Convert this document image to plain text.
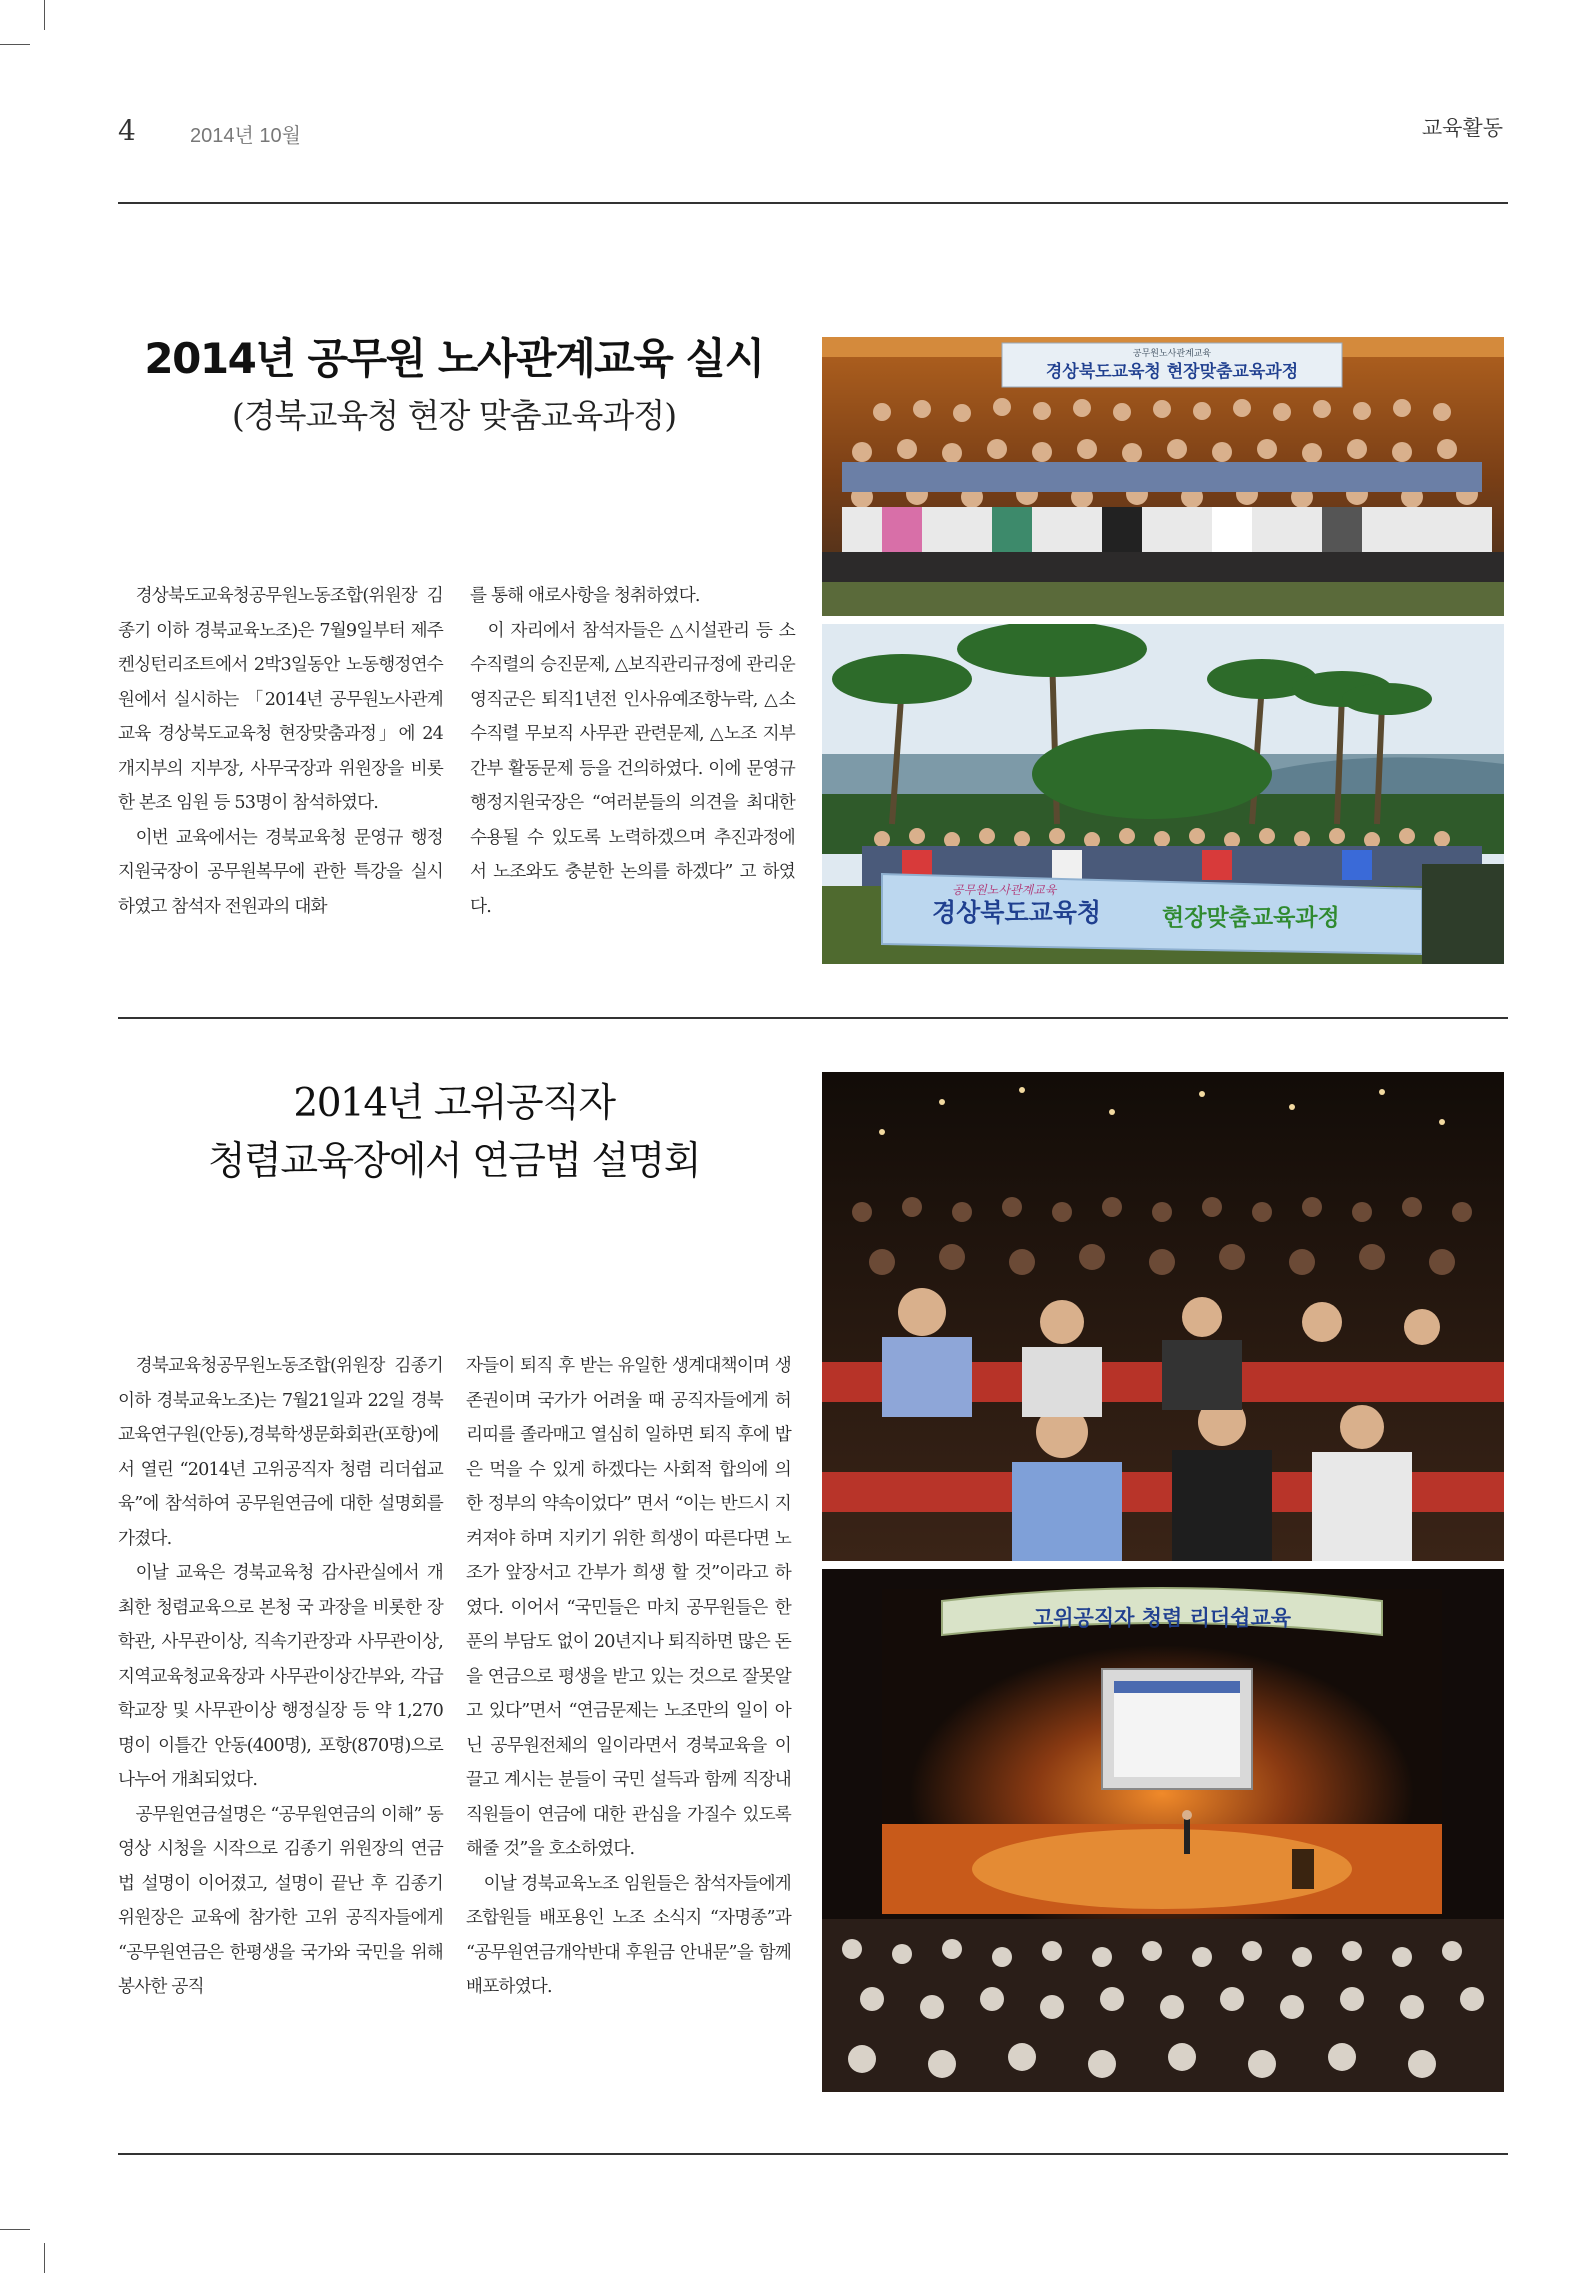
4	2014년 10월	교육활동
2014년 공무원 노사관계교육 실시
(경북교육청 현장 맞춤교육과정)

경상북도교육청공무원노동조합(위원장 김종기 이하 경북교육노조)은 7월9일부터 제주 켄싱턴리조트에서 2박3일동안 노동행정연수원에서 실시하는 「2014년 공무원노사관계교육 경상북도교육청 현장맞춤과정」에 24개지부의 지부장, 사무국장과 위원장을 비롯한 본조 임원 등 53명이 참석하였다.

이번 교육에서는 경북교육청 문영규 행정지원국장이 공무원복무에 관한 특강을 실시하였고 참석자 전원과의 대화

를 통해 애로사항을 청취하였다.

이 자리에서 참석자들은 △시설관리 등 소수직렬의 승진문제, △보직관리규정에 관리운영직군은 퇴직1년전 인사유예조항누락, △소수직렬 무보직 사무관 관련문제, △노조 지부간부 활동문제 등을 건의하였다. 이에 문영규 행정지원국장은 “여러분들의 의견을 최대한 수용될 수 있도록 노력하겠으며 추진과정에서 노조와도 충분한 논의를 하겠다” 고 하였다.

공무원노사관계교육
경상북도교육청 현장맞춤교육과정
공무원노사관계교육
경상북도교육청	현장맞춤교육과정
2014년 고위공직자
청렴교육장에서 연금법 설명회

경북교육청공무원노동조합(위원장 김종기 이하 경북교육노조)는 7월21일과 22일 경북교육연구원(안동),경북학생문화회관(포항)에서 열린 “2014년 고위공직자 청렴 리더쉽교육”에 참석하여 공무원연금에 대한 설명회를 가졌다.

이날 교육은 경북교육청 감사관실에서 개최한 청렴교육으로 본청 국 과장을 비롯한 장학관, 사무관이상, 직속기관장과 사무관이상, 지역교육청교육장과 사무관이상간부와, 각급학교장 및 사무관이상 행정실장 등 약 1,270명이 이틀간 안동(400명), 포항(870명)으로 나누어 개최되었다.

공무원연금설명은 “공무원연금의 이해” 동영상 시청을 시작으로 김종기 위원장의 연금법 설명이 이어졌고, 설명이 끝난 후 김종기 위원장은 교육에 참가한 고위 공직자들에게 “공무원연금은 한평생을 국가와 국민을 위해 봉사한 공직

자들이 퇴직 후 받는 유일한 생계대책이며 생존권이며 국가가 어려울 때 공직자들에게 허리띠를 졸라매고 열심히 일하면 퇴직 후에 밥은 먹을 수 있게 하겠다는 사회적 합의에 의한 정부의 약속이었다” 면서 “이는 반드시 지켜져야 하며 지키기 위한 희생이 따른다면 노조가 앞장서고 간부가 희생 할 것”이라고 하였다. 이어서 “국민들은 마치 공무원들은 한푼의 부담도 없이 20년지나 퇴직하면 많은 돈을 연금으로 평생을 받고 있는 것으로 잘못알고 있다”면서 “연금문제는 노조만의 일이 아닌 공무원전체의 일이라면서 경북교육을 이끌고 계시는 분들이 국민 설득과 함께 직장내 직원들이 연금에 대한 관심을 가질수 있도록 해줄 것”을 호소하였다.

이날 경북교육노조 임원들은 참석자들에게 조합원들 배포용인 노조 소식지 “자명종”과 “공무원연금개악반대 후원금 안내문”을 함께 배포하였다.

고위공직자 청렴 리더쉽교육
